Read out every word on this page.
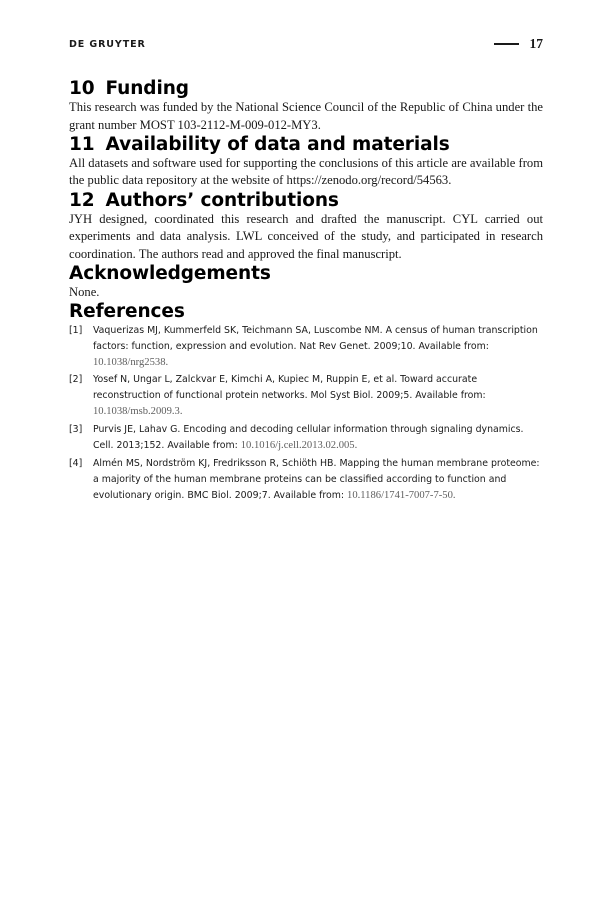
DE GRUYTER	17
10 Funding

This research was funded by the National Science Council of the Republic of China under the grant number MOST 103-2112-M-009-012-MY3.

11 Availability of data and materials

All datasets and software used for supporting the conclusions of this article are available from the public data repository at the website of https://zenodo.org/record/54563.

12 Authors’ contributions

JYH designed, coordinated this research and drafted the manuscript. CYL carried out experiments and data analysis. LWL conceived of the study, and participated in research coordination. The authors read and approved the final manuscript.

Acknowledgements

None.

References
[1] Vaquerizas MJ, Kummerfeld SK, Teichmann SA, Luscombe NM. A census of human transcription factors: function, expression and evolution. Nat Rev Genet. 2009;10. Available from: 10.1038/nrg2538.
[2] Yosef N, Ungar L, Zalckvar E, Kimchi A, Kupiec M, Ruppin E, et al. Toward accurate reconstruction of functional protein networks. Mol Syst Biol. 2009;5. Available from: 10.1038/msb.2009.3.
[3] Purvis JE, Lahav G. Encoding and decoding cellular information through signaling dynamics. Cell. 2013;152. Available from: 10.1016/j.cell.2013.02.005.
[4] Almén MS, Nordström KJ, Fredriksson R, Schiöth HB. Mapping the human membrane proteome: a majority of the human membrane proteins can be classified according to function and evolutionary origin. BMC Biol. 2009;7. Available from: 10.1186/1741-7007-7-50.
